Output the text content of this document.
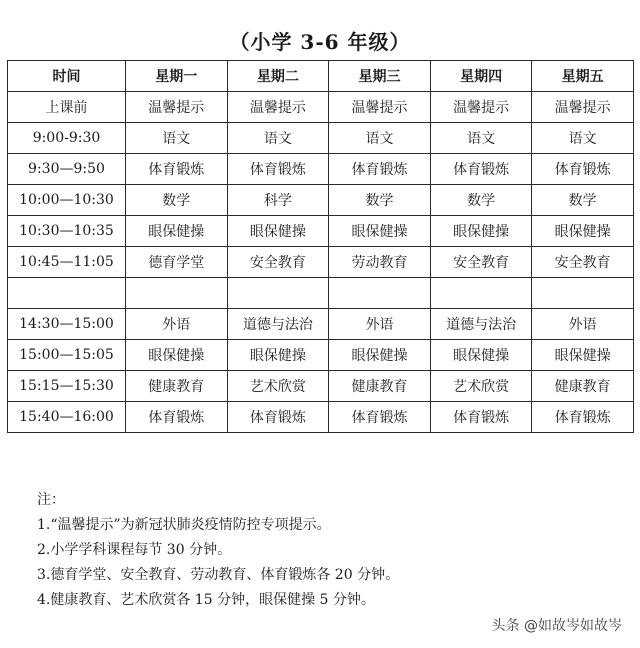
（小学 3-6 年级）
时间	星期一	星期二	星期三	星期四	星期五
上课前	温馨提示	温馨提示	温馨提示	温馨提示	温馨提示
9:00-9:30	语文	语文	语文	语文	语文
9:30—9:50	体育锻炼	体育锻炼	体育锻炼	体育锻炼	体育锻炼
10:00—10:30	数学	科学	数学	数学	数学
10:30—10:35	眼保健操	眼保健操	眼保健操	眼保健操	眼保健操
10:45—11:05	德育学堂	安全教育	劳动教育	安全教育	安全教育

14:30—15:00	外语	道德与法治	外语	道德与法治	外语
15:00—15:05	眼保健操	眼保健操	眼保健操	眼保健操	眼保健操
15:15—15:30	健康教育	艺术欣赏	健康教育	艺术欣赏	健康教育
15:40—16:00	体育锻炼	体育锻炼	体育锻炼	体育锻炼	体育锻炼
注：
1.“温馨提示”为新冠状肺炎疫情防控专项提示。
2.小学学科课程每节 30 分钟。
3.德育学堂、安全教育、劳动教育、体育锻炼各 20 分钟。
4.健康教育、艺术欣赏各 15 分钟，眼保健操 5 分钟。
头条 @如故岑如故岑
